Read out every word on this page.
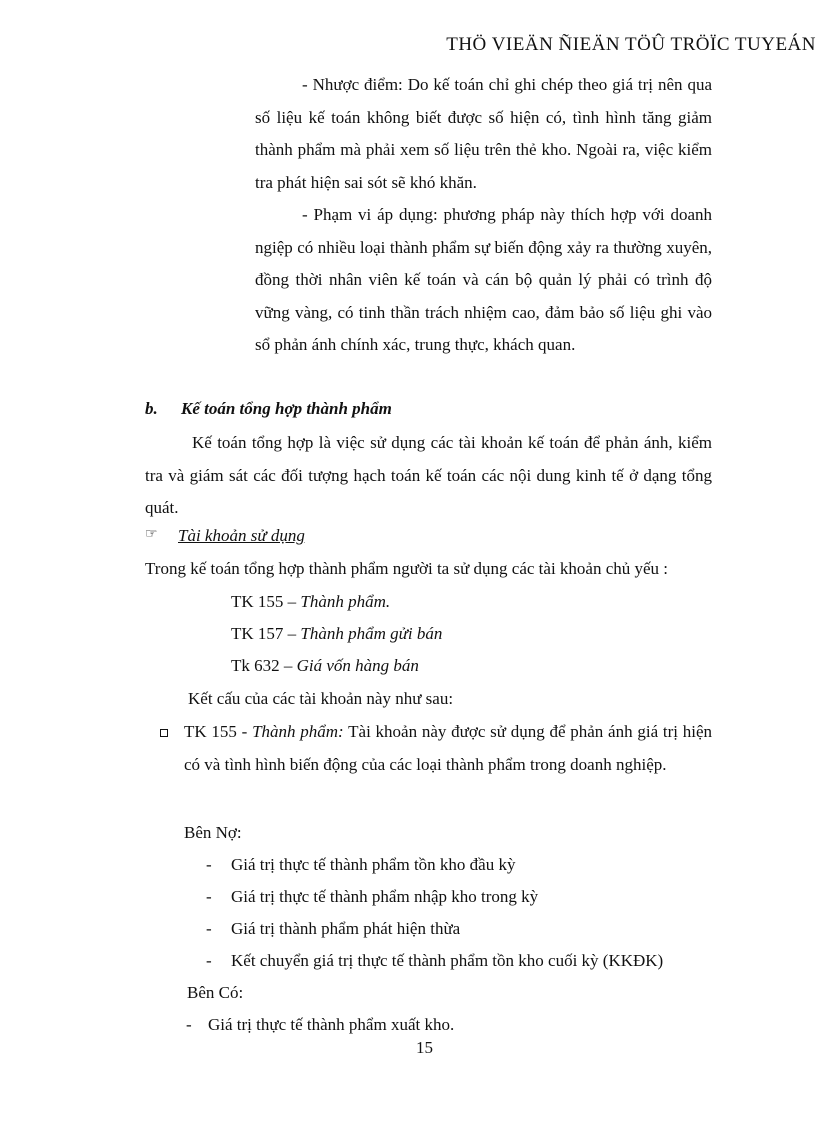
THÖ VIEÄN ÑIEÄN TÖÛ TRÖÏC TUYEÁN

- Nhược điểm: Do kế toán chỉ ghi chép theo giá trị nên qua số liệu kế toán không biết được số hiện có, tình hình tăng giảm thành phẩm mà phải xem số liệu trên thẻ kho. Ngoài ra, việc kiểm tra phát hiện sai sót sẽ khó khăn.

- Phạm vi áp dụng: phương pháp này thích hợp với doanh ngiệp có nhiều loại thành phẩm sự biến động xảy ra thường xuyên, đồng thời nhân viên kế toán và cán bộ quản lý phải có trình độ vững vàng, có tinh thần trách nhiệm cao, đảm bảo số liệu ghi vào sổ phản ánh chính xác, trung thực, khách quan.

b. Kế toán tổng hợp thành phẩm

Kế toán tổng hợp là việc sử dụng các tài khoản kế toán để phản ánh, kiểm tra và giám sát các đối tượng hạch toán kế toán các nội dung kinh tế ở dạng tổng quát.

☞ Tài khoản sử dụng
Trong kế toán tổng hợp thành phẩm người ta sử dụng các tài khoản chủ yếu :
TK 155 – Thành phẩm.
TK 157 – Thành phẩm gửi bán
Tk 632 – Giá vốn hàng bán
Kết cấu của các tài khoản này như sau:

TK 155 - Thành phẩm: Tài khoản này được sử dụng để phản ánh giá trị hiện có và tình hình biến động của các loại thành phẩm trong doanh nghiệp.

Bên Nợ:
- Giá trị thực tế thành phẩm tồn kho đầu kỳ
- Giá trị thực tế thành phẩm nhập kho trong kỳ
- Giá trị thành phẩm phát hiện thừa
- Kết chuyển giá trị thực tế thành phẩm tồn kho cuối kỳ (KKĐK)
Bên Có:
- Giá trị thực tế thành phẩm xuất kho.
15
